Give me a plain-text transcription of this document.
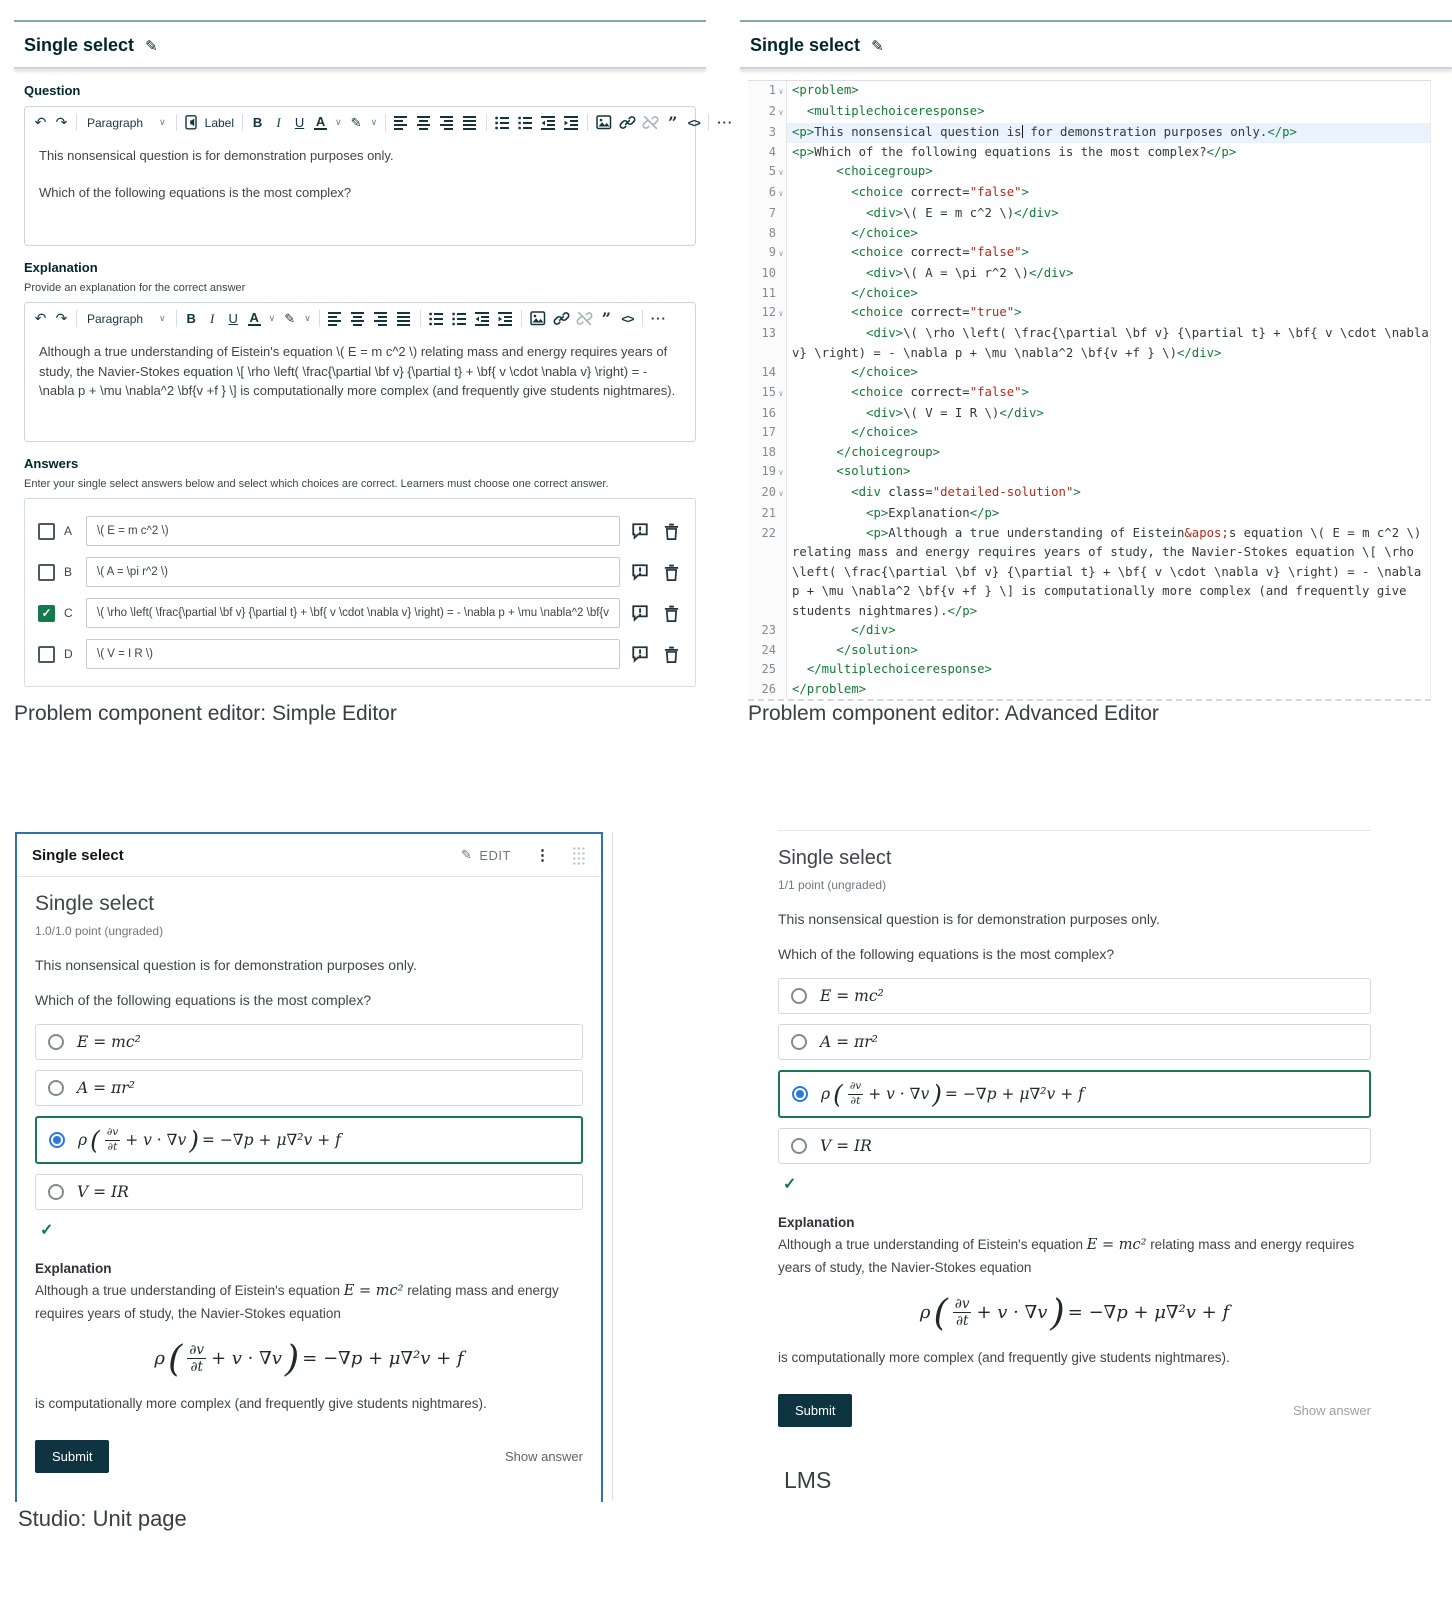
Single select ✎
Question
↶ ↷ Paragraph ∨	Label B	I	U A ∨ ✎ ∨	” <> ···

This nonsensical question is for demonstration purposes only.

Which of the following equations is the most complex?

Explanation
Provide an explanation for the correct answer
↶ ↷ Paragraph ∨ B	I	U A ∨ ✎ ∨	” <> ···

Although a true understanding of Eistein's equation \( E = m c^2 \) relating mass and energy requires years of study, the Navier-Stokes equation \[ \rho \left( \frac{\partial \bf v} {\partial t} + \bf{ v \cdot \nabla v} \right) = - \nabla p + \mu \nabla^2 \bf{v +f } \] is computationally more complex (and frequently give students nightmares).

Answers
Enter your single select answers below and select which choices are correct. Learners must choose one correct answer.
A
\( E = m c^2 \)
B
\( A = \pi r^2 \)
✓ C
\( \rho \left( \frac{\partial \bf v} {\partial t} + \bf{ v \cdot \nabla v} \right) = - \nabla p + \mu \nabla^2 \bf{v +f } \)
D
\( V = I R \)
Single select ✎
1 ∨ <problem>
2 ∨	<multiplechoiceresponse>
3	<p>This nonsensical question is for demonstration purposes only.</p>
4	<p>Which of the following equations is the most complex?</p>
5 ∨	<choicegroup>
6 ∨	<choice correct="false">
7	<div>\( E = m c^2 \)</div>
8	</choice>
9 ∨	<choice correct="false">
10	<div>\( A = \pi r^2 \)</div>
11	</choice>
12 ∨	<choice correct="true">
13	<div>\( \rho \left( \frac{\partial \bf v} {\partial t} + \bf{ v \cdot \nabla v} \right) = - \nabla p + \mu \nabla^2 \bf{v +f } \)</div>
14	</choice>
15 ∨	<choice correct="false">
16	<div>\( V = I R \)</div>
17	</choice>
18	</choicegroup>
19 ∨	<solution>
20 ∨	<div class="detailed-solution">
21	<p>Explanation</p>
22	<p>Although a true understanding of Eistein&apos;s equation \( E = m c^2 \) relating mass and energy requires years of study, the Navier-Stokes equation \[ \rho \left( \frac{\partial \bf v} {\partial t} + \bf{ v \cdot \nabla v} \right) = - \nabla p + \mu \nabla^2 \bf{v +f } \] is computationally more complex (and frequently give students nightmares).</p>
23	</div>
24	</solution>
25	</multiplechoiceresponse>
26	</problem>
Problem component editor: Simple Editor	Problem component editor: Advanced Editor
Single select	✎ EDIT ⋮
Single select
1.0/1.0 point (ungraded)

This nonsensical question is for demonstration purposes only.

Which of the following equations is the most complex?

E = mc²
A = πr²
ρ ( $\frac{\partial v}{\partial t} + v \cdot \nabla v$ ) = −∇p + μ∇²v + f
V = IR
✓
Explanation
Although a true understanding of Eistein's equation E = mc² relating mass and energy requires years of study, the Navier-Stokes equation
ρ ( $\frac{\partial v}{\partial t} + v \cdot \nabla v$ ) = −∇p + μ∇²v + f
is computationally more complex (and frequently give students nightmares).
Submit	Show answer
Studio: Unit page
Single select
1/1 point (ungraded)

This nonsensical question is for demonstration purposes only.

Which of the following equations is the most complex?

E = mc²
A = πr²
ρ ( $\frac{\partial v}{\partial t} + v \cdot \nabla v$ ) = −∇p + μ∇²v + f
V = IR
✓
Explanation
Although a true understanding of Eistein's equation E = mc² relating mass and energy requires years of study, the Navier-Stokes equation
ρ ( $\frac{\partial v}{\partial t} + v \cdot \nabla v$ ) = −∇p + μ∇²v + f
is computationally more complex (and frequently give students nightmares).
Submit	Show answer
LMS
